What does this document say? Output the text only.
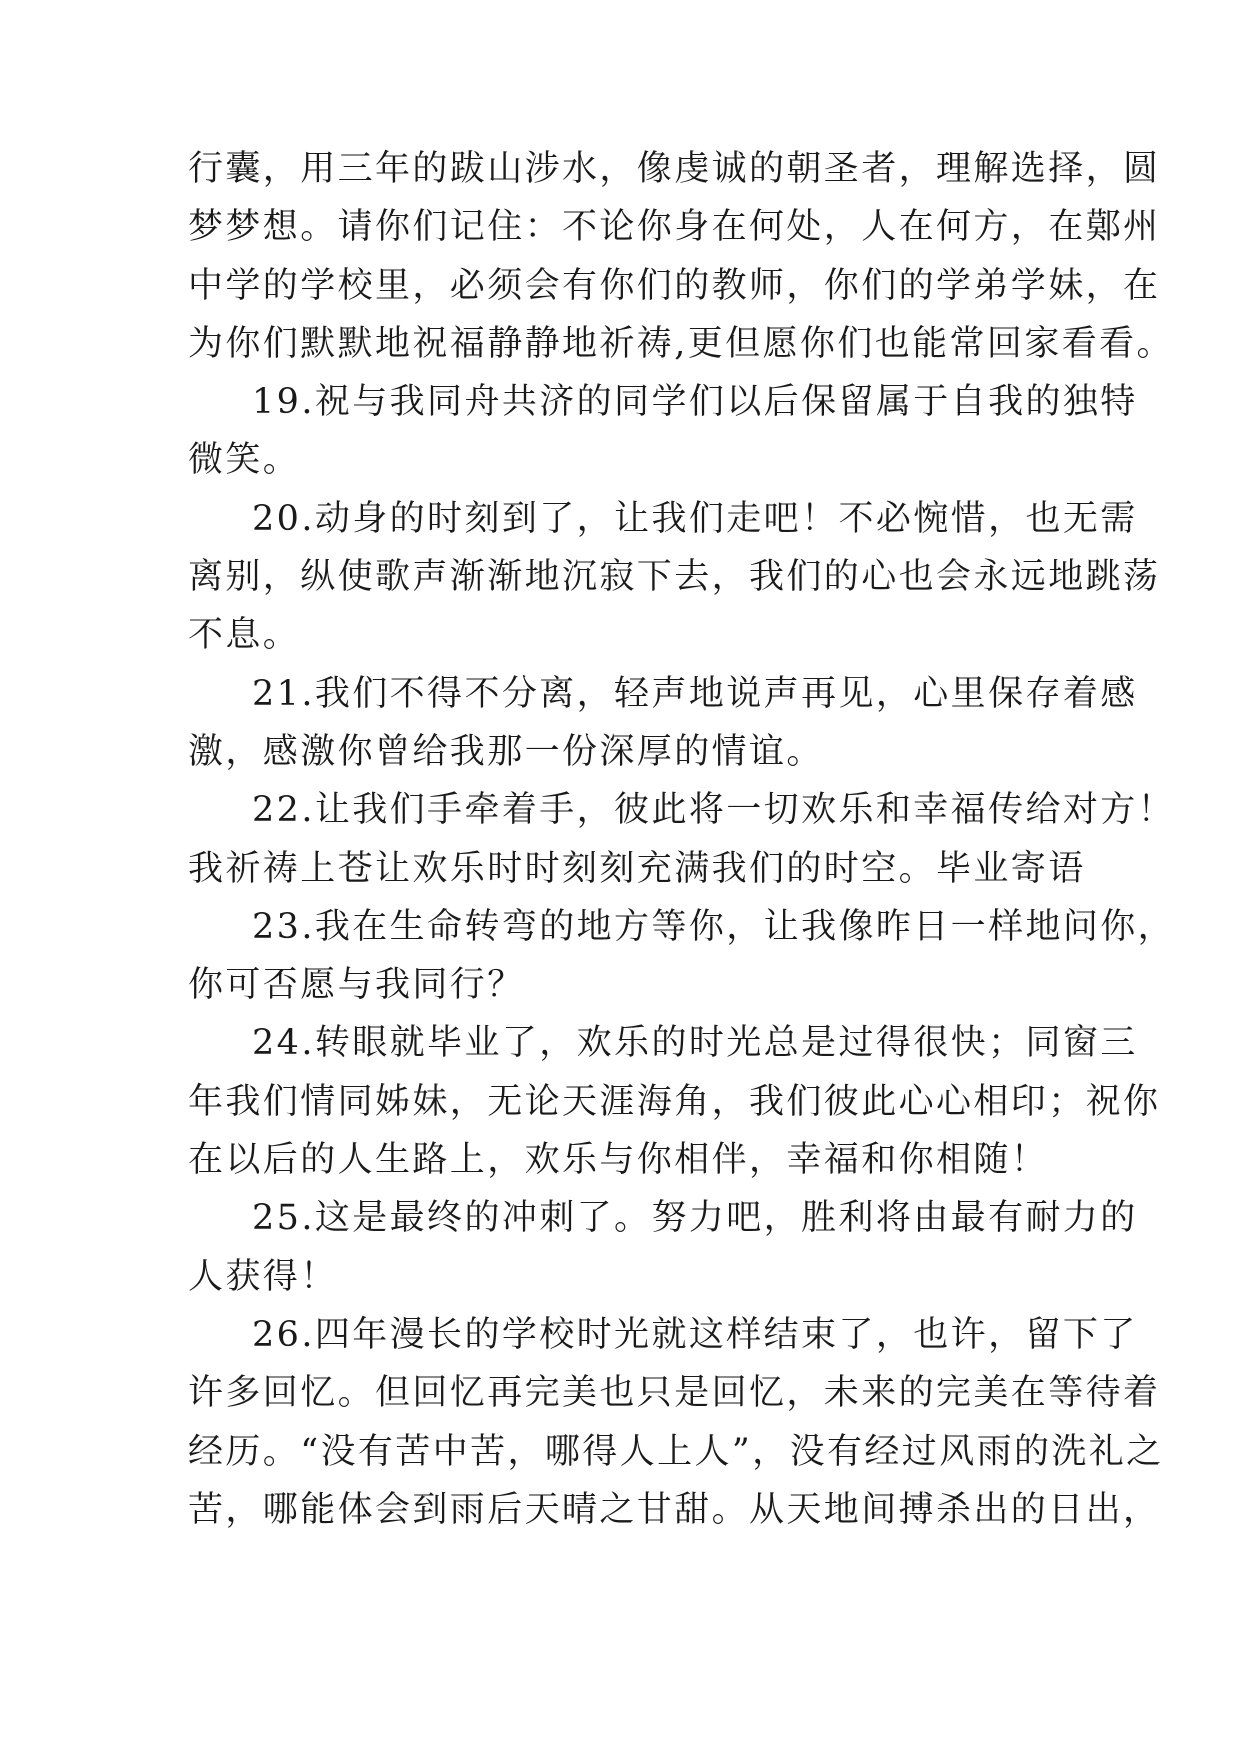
行囊，用三年的跋山涉水，像虔诚的朝圣者，理解选择，圆
梦梦想。请你们记住：不论你身在何处，人在何方，在鄚州
中学的学校里，必须会有你们的教师，你们的学弟学妹，在
为你们默默地祝福静静地祈祷,更但愿你们也能常回家看看。
19.祝与我同舟共济的同学们以后保留属于自我的独特
微笑。
20.动身的时刻到了，让我们走吧！不必惋惜，也无需
离别，纵使歌声渐渐地沉寂下去，我们的心也会永远地跳荡
不息。
21.我们不得不分离，轻声地说声再见，心里保存着感
激，感激你曾给我那一份深厚的情谊。
22.让我们手牵着手，彼此将一切欢乐和幸福传给对方！
我祈祷上苍让欢乐时时刻刻充满我们的时空。毕业寄语
23.我在生命转弯的地方等你，让我像昨日一样地问你，
你可否愿与我同行？
24.转眼就毕业了，欢乐的时光总是过得很快；同窗三
年我们情同姊妹，无论天涯海角，我们彼此心心相印；祝你
在以后的人生路上，欢乐与你相伴，幸福和你相随！
25.这是最终的冲刺了。努力吧，胜利将由最有耐力的
人获得！
26.四年漫长的学校时光就这样结束了，也许，留下了
许多回忆。但回忆再完美也只是回忆，未来的完美在等待着
经历。“没有苦中苦，哪得人上人”，没有经过风雨的洗礼之
苦，哪能体会到雨后天晴之甘甜。从天地间搏杀出的日出，
